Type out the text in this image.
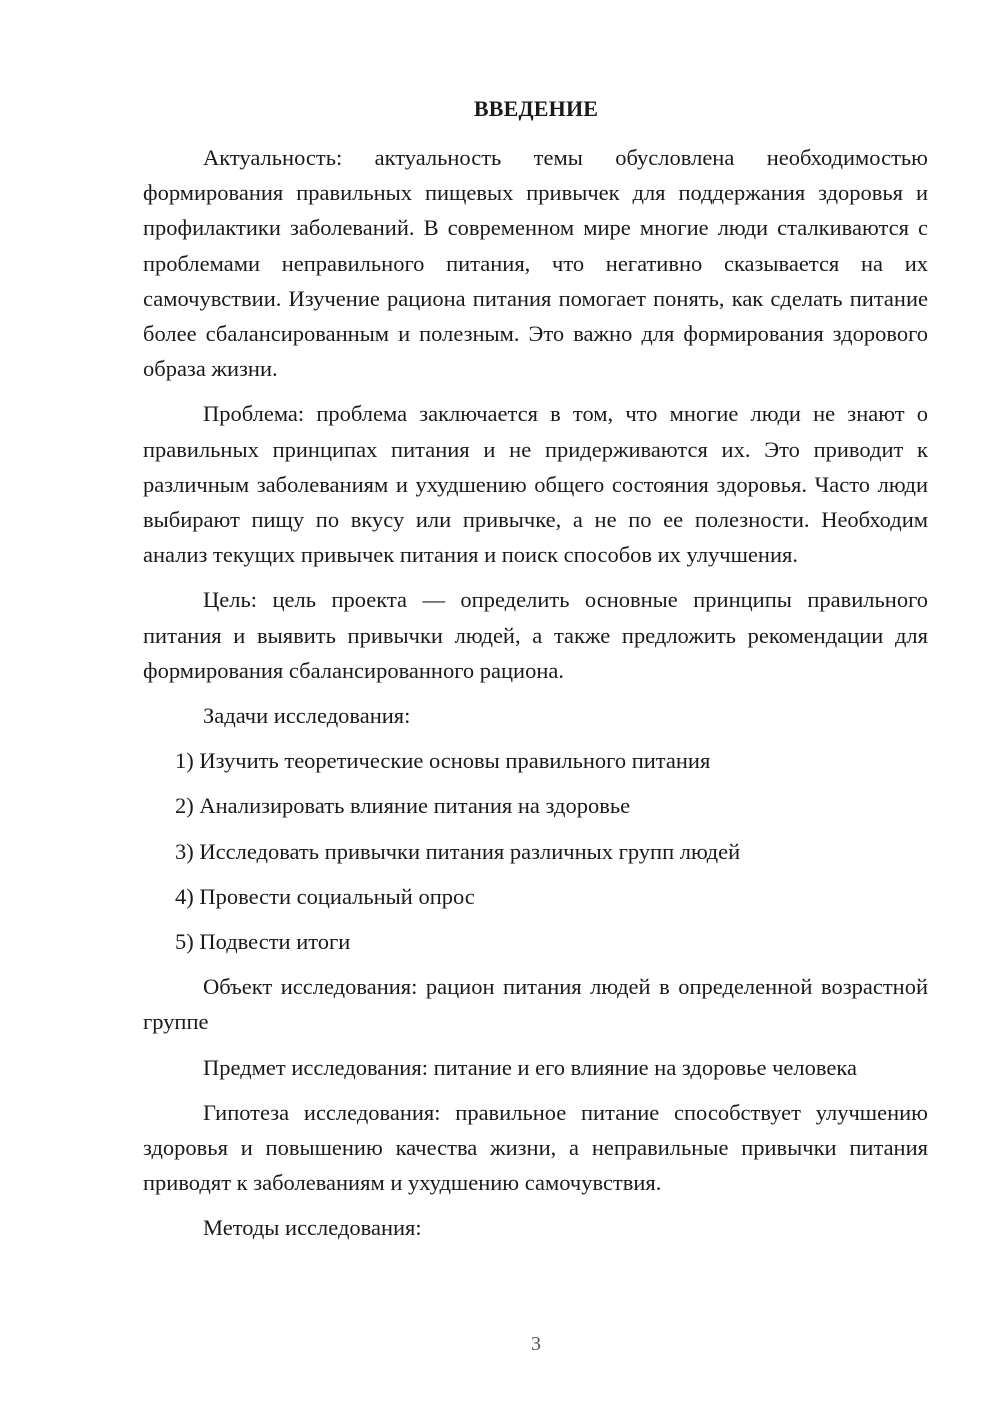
ВВЕДЕНИЕ

Актуальность: актуальность темы обусловлена необходимостью формирования правильных пищевых привычек для поддержания здоровья и профилактики заболеваний. В современном мире многие люди сталкиваются с проблемами неправильного питания, что негативно сказывается на их самочувствии. Изучение рациона питания помогает понять, как сделать питание более сбалансированным и полезным. Это важно для формирования здорового образа жизни.

Проблема: проблема заключается в том, что многие люди не знают о правильных принципах питания и не придерживаются их. Это приводит к различным заболеваниям и ухудшению общего состояния здоровья. Часто люди выбирают пищу по вкусу или привычке, а не по ее полезности. Необходим анализ текущих привычек питания и поиск способов их улучшения.

Цель: цель проекта — определить основные принципы правильного питания и выявить привычки людей, а также предложить рекомендации для формирования сбалансированного рациона.

Задачи исследования:

1) Изучить теоретические основы правильного питания
2) Анализировать влияние питания на здоровье
3) Исследовать привычки питания различных групп людей
4) Провести социальный опрос
5) Подвести итоги

Объект исследования: рацион питания людей в определенной возрастной группе

Предмет исследования: питание и его влияние на здоровье человека

Гипотеза исследования: правильное питание способствует улучшению здоровья и повышению качества жизни, а неправильные привычки питания приводят к заболеваниям и ухудшению самочувствия.

Методы исследования:

3
